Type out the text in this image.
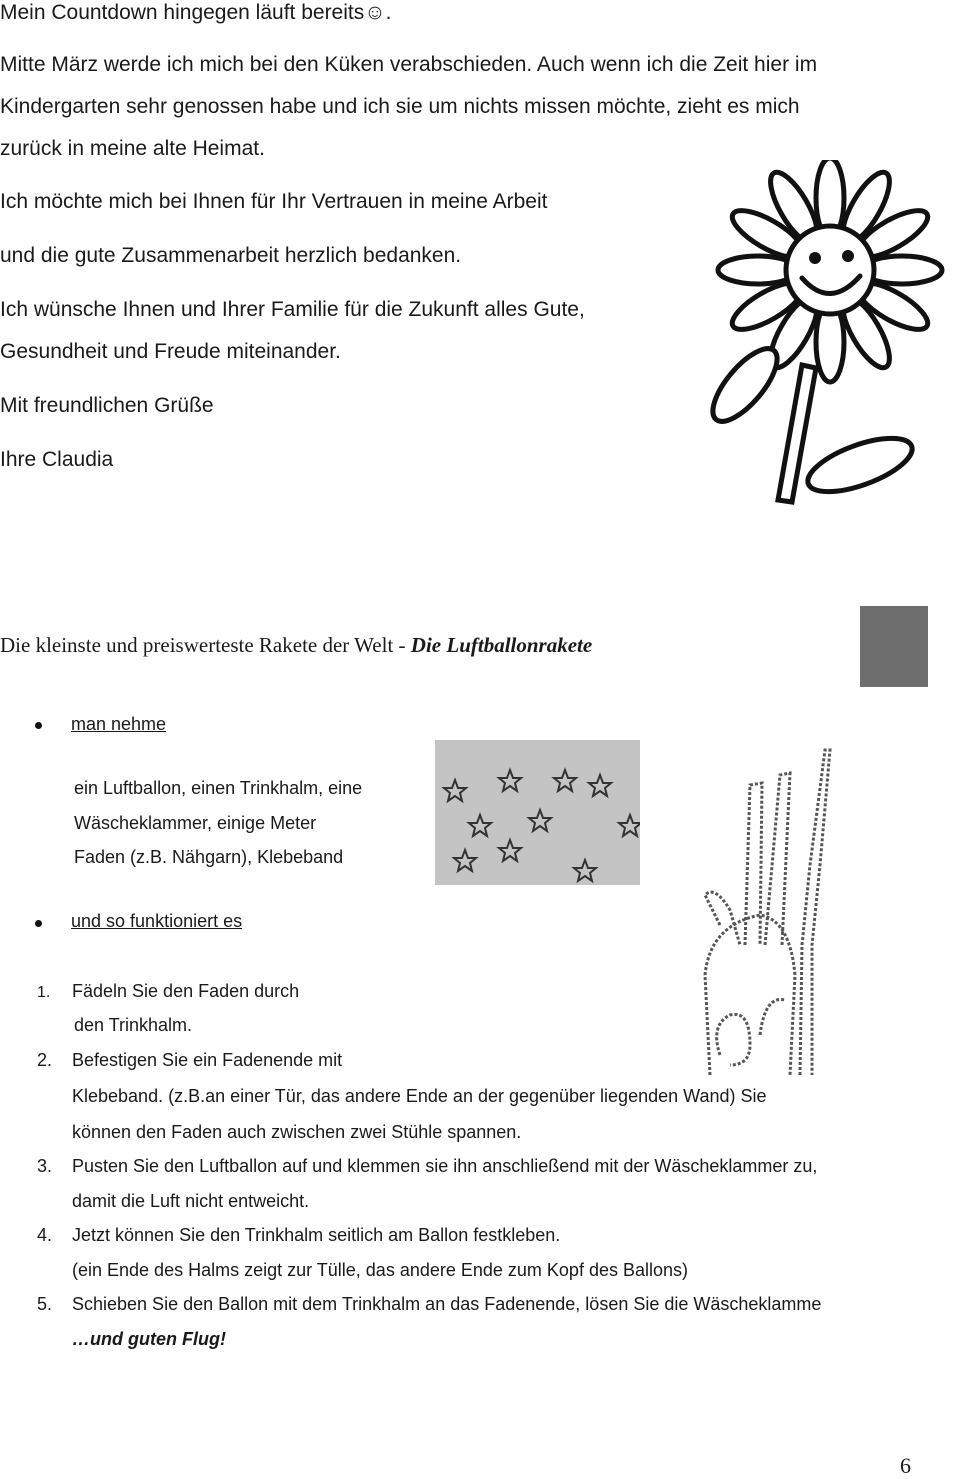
Mein Countdown hingegen läuft bereits☺.
Mitte März werde ich mich bei den Küken verabschieden. Auch wenn ich die Zeit hier im
Kindergarten sehr genossen habe und ich sie um nichts missen möchte, zieht es mich
zurück in meine alte Heimat.
Ich möchte mich bei Ihnen für Ihr Vertrauen in meine Arbeit
und die gute Zusammenarbeit herzlich bedanken.
Ich wünsche Ihnen und Ihrer Familie für die Zukunft alles Gute,
Gesundheit und Freude miteinander.
Mit freundlichen Grüße
Ihre Claudia
Die kleinste und preiswerteste Rakete der Welt - Die Luftballonrakete
man nehme
ein Luftballon, einen Trinkhalm, eine
Wäscheklammer, einige Meter
Faden (z.B. Nähgarn), Klebeband
und so funktioniert es
1. Fädeln Sie den Faden durch
den Trinkhalm.
2. Befestigen Sie ein Fadenende mit
Klebeband. (z.B.an einer Tür, das andere Ende an der gegenüber liegenden Wand) Sie
können den Faden auch zwischen zwei Stühle spannen.
3. Pusten Sie den Luftballon auf und klemmen sie ihn anschließend mit der Wäscheklammer zu,
damit die Luft nicht entweicht.
4. Jetzt können Sie den Trinkhalm seitlich am Ballon festkleben.
(ein Ende des Halms zeigt zur Tülle, das andere Ende zum Kopf des Ballons)
5. Schieben Sie den Ballon mit dem Trinkhalm an das Fadenende, lösen Sie die Wäscheklamme
…und guten Flug!
6
